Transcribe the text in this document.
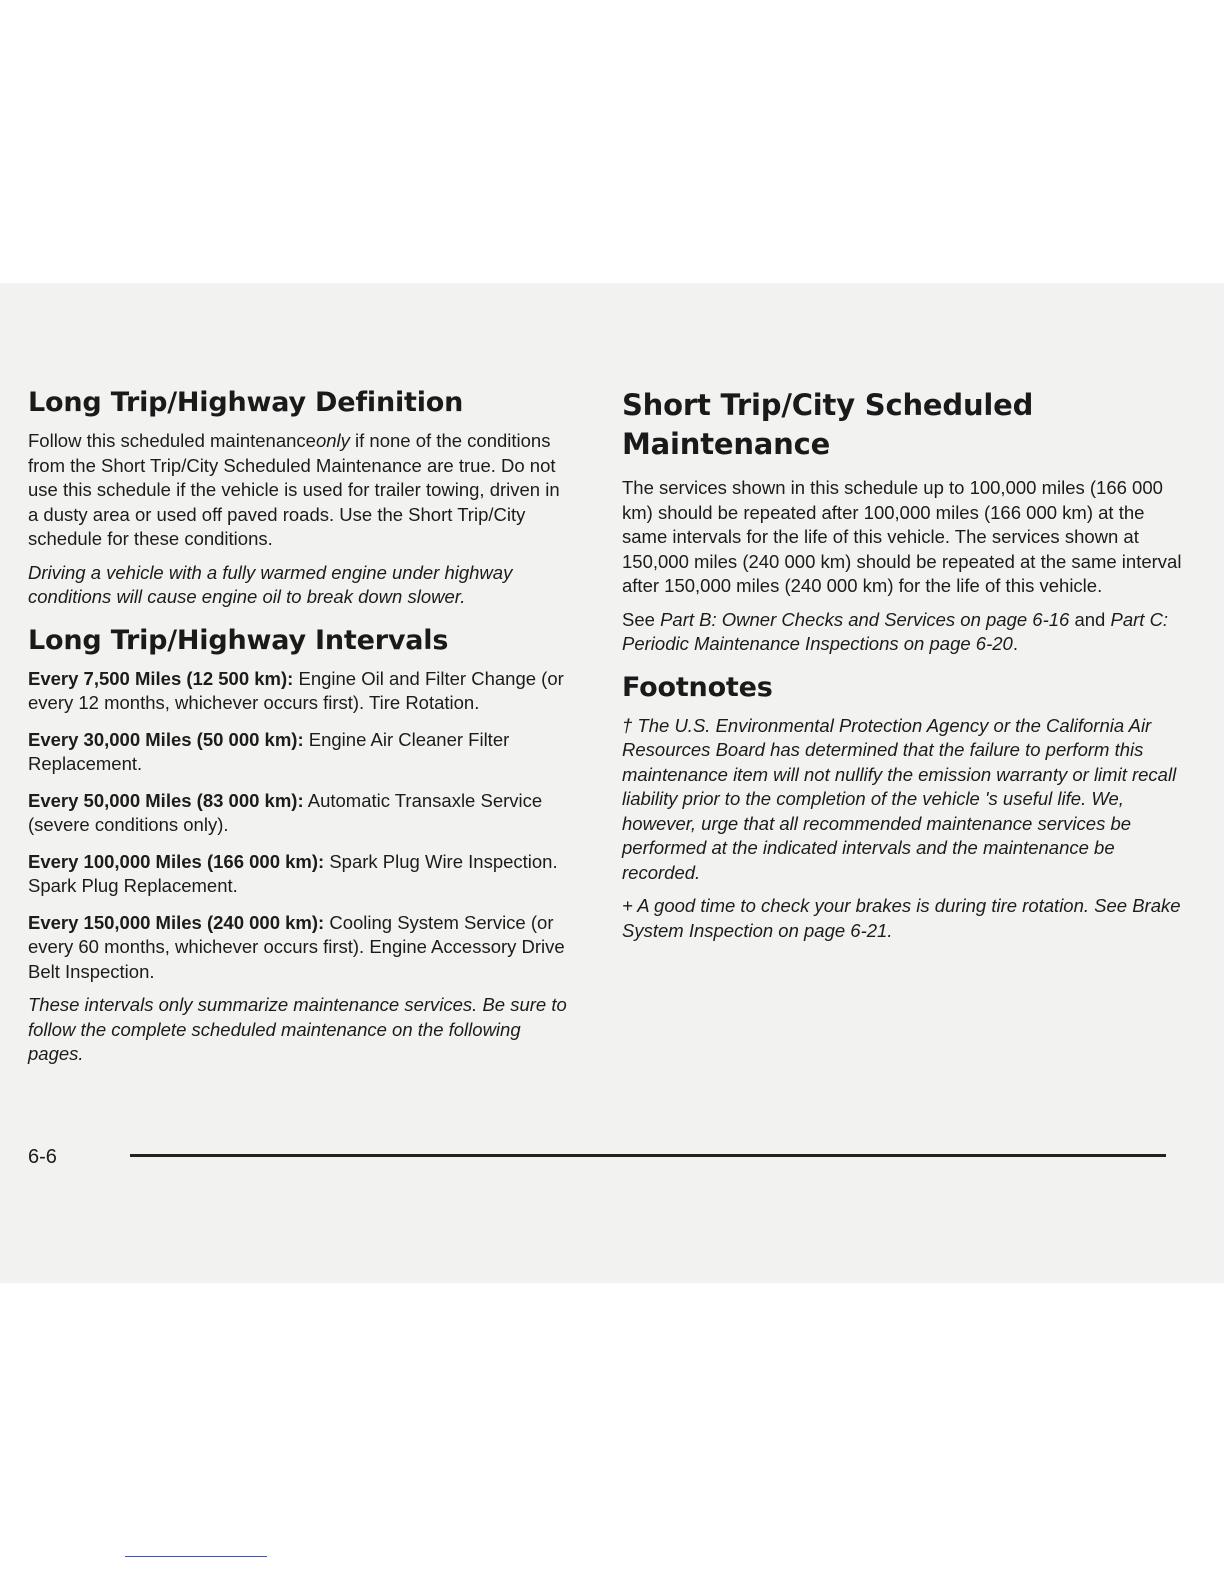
Long Trip/Highway Definition

Follow this scheduled maintenanceonly if none of the conditions from the Short Trip/City Scheduled Maintenance are true. Do not use this schedule if the vehicle is used for trailer towing, driven in a dusty area or used off paved roads. Use the Short Trip/City schedule for these conditions.

Driving a vehicle with a fully warmed engine under highway conditions will cause engine oil to break down slower.

Long Trip/Highway Intervals

Every 7,500 Miles (12 500 km): Engine Oil and Filter Change (or every 12 months, whichever occurs first). Tire Rotation.

Every 30,000 Miles (50 000 km): Engine Air Cleaner Filter Replacement.

Every 50,000 Miles (83 000 km): Automatic Transaxle Service (severe conditions only).

Every 100,000 Miles (166 000 km): Spark Plug Wire Inspection. Spark Plug Replacement.

Every 150,000 Miles (240 000 km): Cooling System Service (or every 60 months, whichever occurs first). Engine Accessory Drive Belt Inspection.

These intervals only summarize maintenance services. Be sure to follow the complete scheduled maintenance on the following pages.

Short Trip/City Scheduled Maintenance

The services shown in this schedule up to 100,000 miles (166 000 km) should be repeated after 100,000 miles (166 000 km) at the same intervals for the life of this vehicle. The services shown at 150,000 miles (240 000 km) should be repeated at the same interval after 150,000 miles (240 000 km) for the life of this vehicle.

See Part B: Owner Checks and Services on page 6-16 and Part C: Periodic Maintenance Inspections on page 6-20.

Footnotes

† The U.S. Environmental Protection Agency or the California Air Resources Board has determined that the failure to perform this maintenance item will not nullify the emission warranty or limit recall liability prior to the completion of the vehicle 's useful life. We, however, urge that all recommended maintenance services be performed at the indicated intervals and the maintenance be recorded.

+ A good time to check your brakes is during tire rotation. See Brake System Inspection on page 6-21.

6-6
